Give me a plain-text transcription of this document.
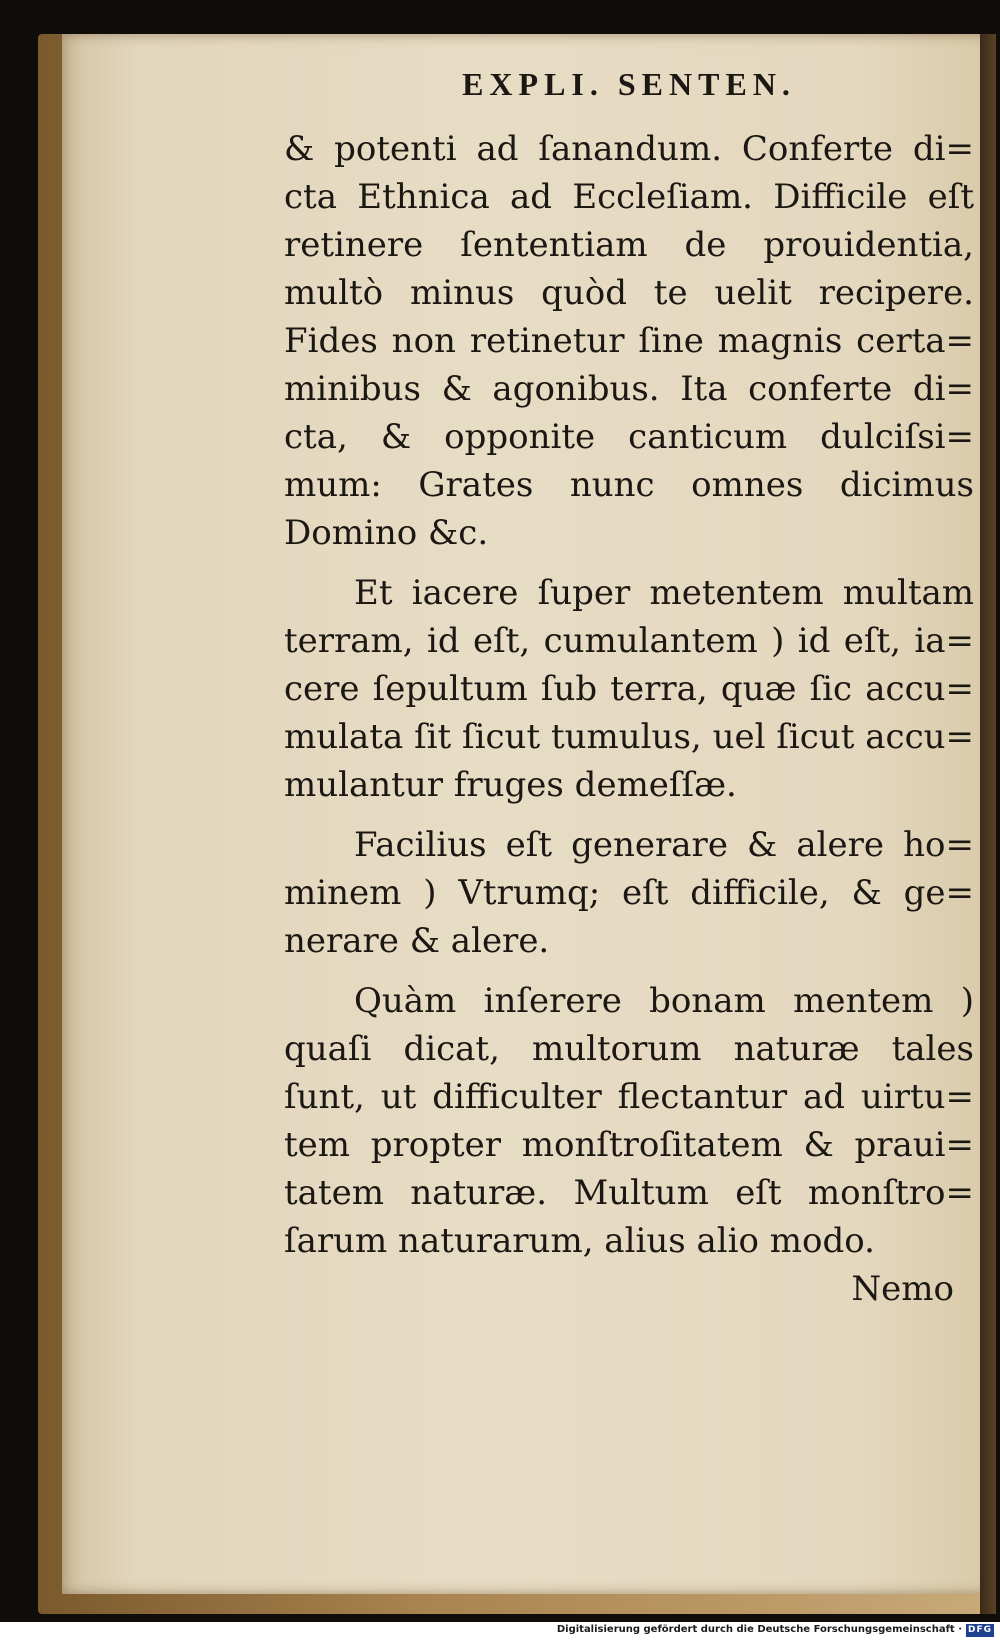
EXPLI. SENTEN.
& potenti ad ſanandum. Conferte di=
cta Ethnica ad Eccleſiam. Difficile eſt
retinere ſententiam de prouidentia,
multò minus quòd te uelit recipere.
Fides non retinetur ſine magnis certa=
minibus & agonibus. Ita conferte di=
cta, & opponite canticum dulciſsi=
mum: Grates nunc omnes dicimus
Domino &c.
Et iacere ſuper metentem multam
terram, id eſt, cumulantem ) id eſt, ia=
cere ſepultum ſub terra, quæ ſic accu=
mulata ſit ſicut tumulus, uel ſicut accu=
mulantur fruges demeſſæ.
Facilius eſt generare & alere ho=
minem ) Vtrumq; eſt difficile, & ge=
nerare & alere.
Quàm inſerere bonam mentem )
quaſi dicat, multorum naturæ tales
ſunt, ut difficulter flectantur ad uirtu=
tem propter monſtroſitatem & praui=
tatem naturæ. Multum eſt monſtro=
ſarum naturarum, alius alio modo.
Nemo
Digitalisierung gefördert durch die Deutsche Forschungsgemeinschaft · DFG
